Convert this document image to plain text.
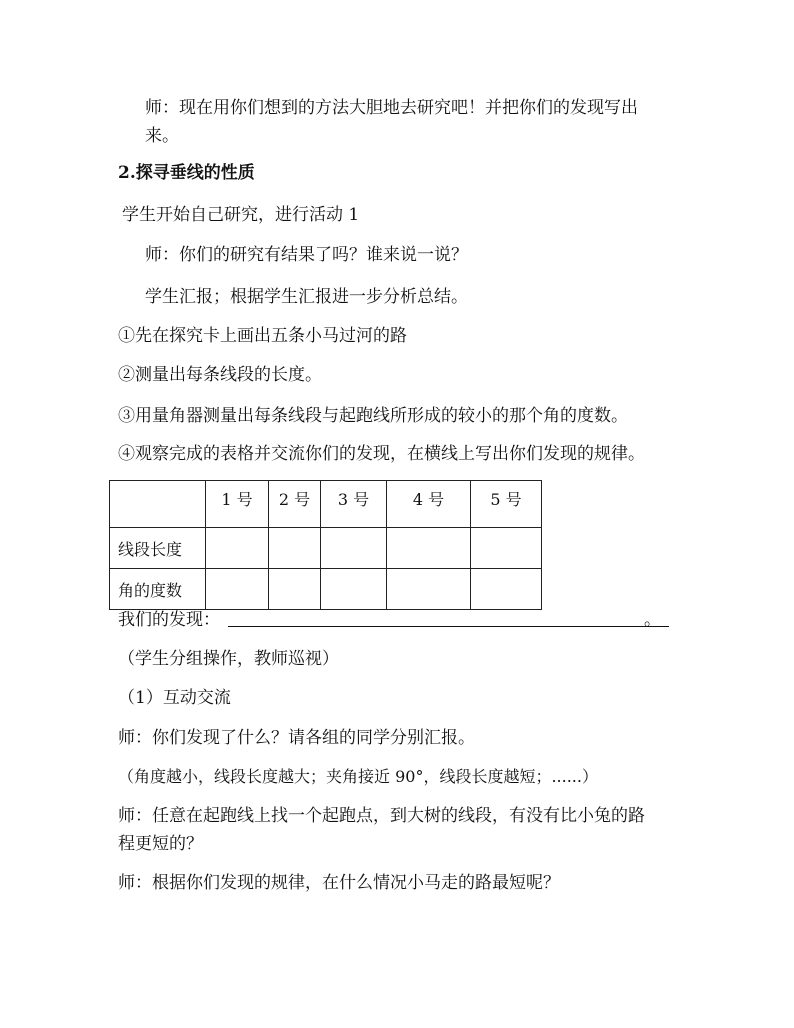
师：现在用你们想到的方法大胆地去研究吧！并把你们的发现写出
来。
2.探寻垂线的性质
学生开始自己研究，进行活动 1
师：你们的研究有结果了吗？谁来说一说？
学生汇报；根据学生汇报进一步分析总结。
①先在探究卡上画出五条小马过河的路
②测量出每条线段的长度。
③用量角器测量出每条线段与起跑线所形成的较小的那个角的度数。
④观察完成的表格并交流你们的发现，在横线上写出你们发现的规律。
	1 号	2 号	3 号	4 号	5 号
线段长度					
角的度数					
我们的发现：	。
（学生分组操作，教师巡视）
（1）互动交流
师：你们发现了什么？请各组的同学分别汇报。
（角度越小，线段长度越大；夹角接近 90°，线段长度越短；......）
师：任意在起跑线上找一个起跑点，到大树的线段，有没有比小兔的路
程更短的？
师：根据你们发现的规律，在什么情况小马走的路最短呢？
